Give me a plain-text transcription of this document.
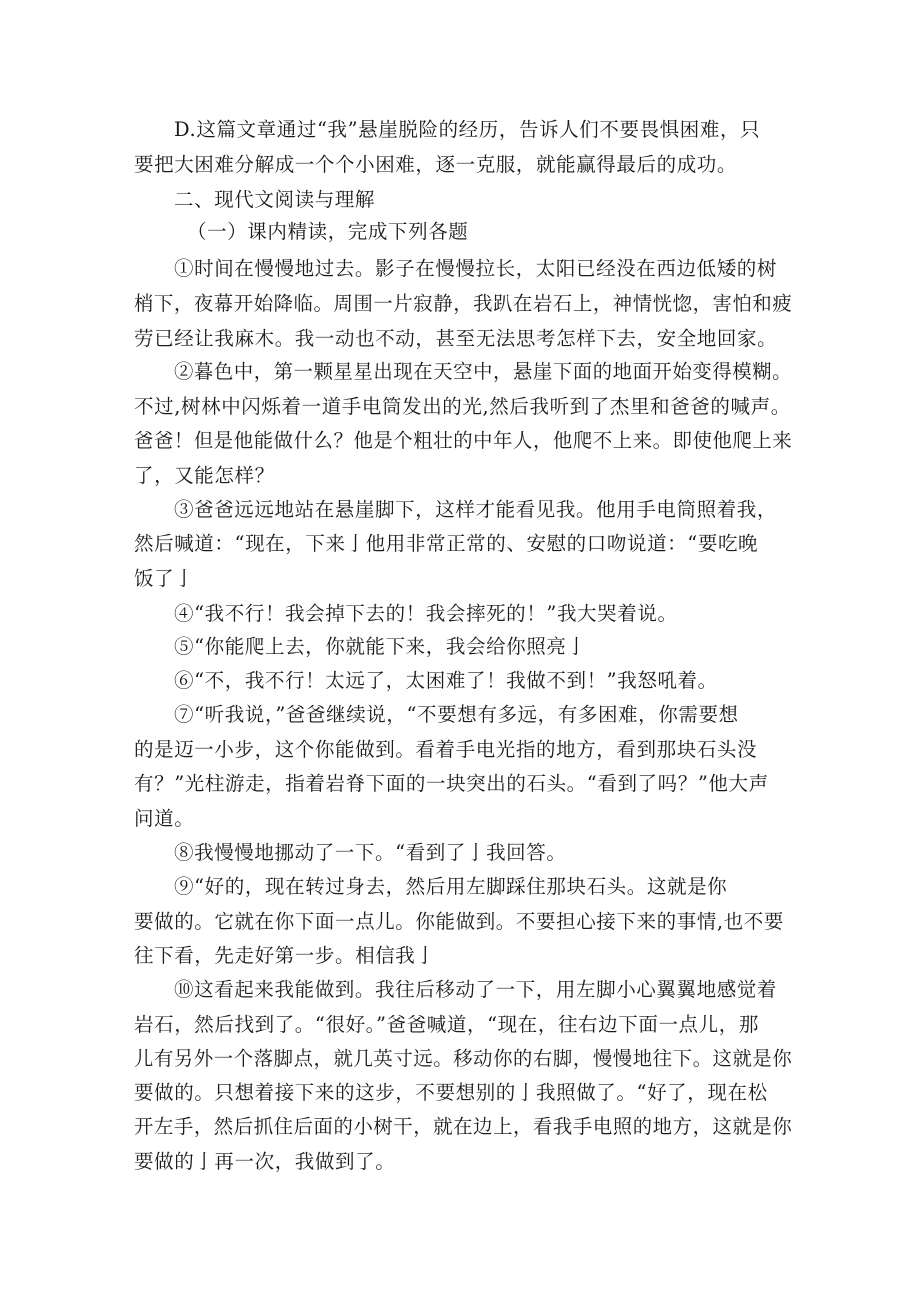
D.这篇文章通过“我”悬崖脱险的经历，告诉人们不要畏惧困难，只
要把大困难分解成一个个小困难，逐一克服，就能赢得最后的成功。
二、现代文阅读与理解
（一）课内精读，完成下列各题
①时间在慢慢地过去。影子在慢慢拉长，太阳已经没在西边低矮的树
梢下，夜幕开始降临。周围一片寂静，我趴在岩石上，神情恍惚，害怕和疲
劳已经让我麻木。我一动也不动，甚至无法思考怎样下去，安全地回家。
②暮色中，第一颗星星出现在天空中，悬崖下面的地面开始变得模糊。
不过,树林中闪烁着一道手电筒发出的光,然后我听到了杰里和爸爸的喊声。
爸爸！但是他能做什么？他是个粗壮的中年人，他爬不上来。即使他爬上来
了，又能怎样？
③爸爸远远地站在悬崖脚下，这样才能看见我。他用手电筒照着我，
然后喊道：“现在，下来亅他用非常正常的、安慰的口吻说道：“要吃晚
饭了亅
④“我不行！我会掉下去的！我会摔死的！”我大哭着说。
⑤“你能爬上去，你就能下来，我会给你照亮亅
⑥“不，我不行！太远了，太困难了！我做不到！”我怒吼着。
⑦“听我说，”爸爸继续说，“不要想有多远，有多困难，你需要想
的是迈一小步，这个你能做到。看着手电光指的地方，看到那块石头没
有？”光柱游走，指着岩脊下面的一块突出的石头。“看到了吗？”他大声
问道。
⑧我慢慢地挪动了一下。“看到了亅我回答。
⑨“好的，现在转过身去，然后用左脚踩住那块石头。这就是你
要做的。它就在你下面一点儿。你能做到。不要担心接下来的事情,也不要
往下看，先走好第一步。相信我亅
⑩这看起来我能做到。我往后移动了一下，用左脚小心翼翼地感觉着
岩石，然后找到了。“很好。”爸爸喊道，“现在，往右边下面一点儿，那
儿有另外一个落脚点，就几英寸远。移动你的右脚，慢慢地往下。这就是你
要做的。只想着接下来的这步，不要想别的亅我照做了。“好了，现在松
开左手，然后抓住后面的小树干，就在边上，看我手电照的地方，这就是你
要做的亅再一次，我做到了。
